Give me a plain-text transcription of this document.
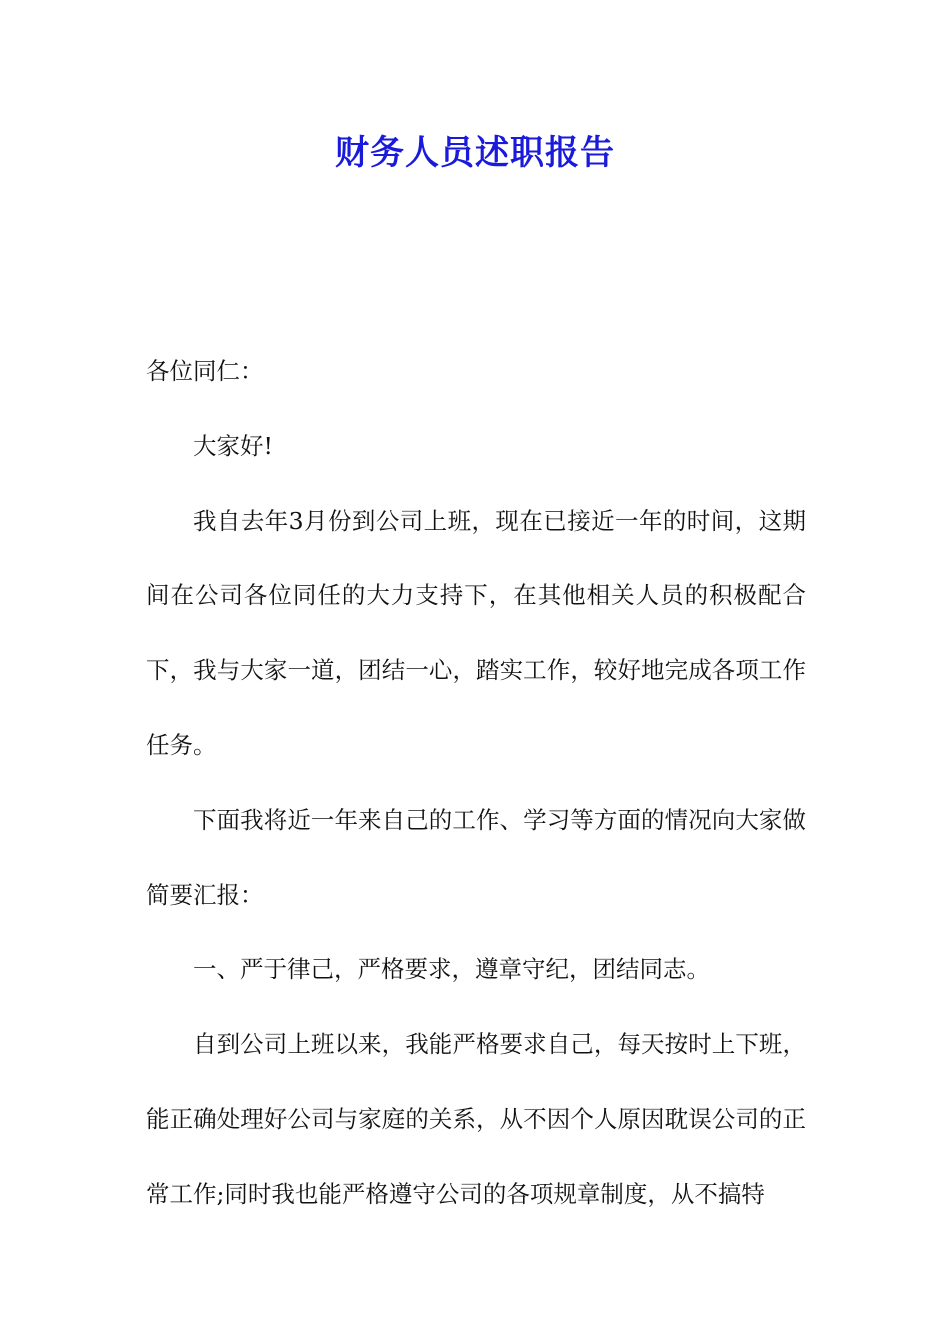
财务人员述职报告

各位同仁：

大家好!

我自去年3月份到公司上班，现在已接近一年的时间，这期间在公司各位同任的大力支持下，在其他相关人员的积极配合下，我与大家一道，团结一心，踏实工作，较好地完成各项工作任务。

下面我将近一年来自己的工作、学习等方面的情况向大家做简要汇报：

一、严于律己，严格要求，遵章守纪，团结同志。

自到公司上班以来，我能严格要求自己，每天按时上下班，能正确处理好公司与家庭的关系，从不因个人原因耽误公司的正常工作;同时我也能严格遵守公司的各项规章制度，从不搞特
